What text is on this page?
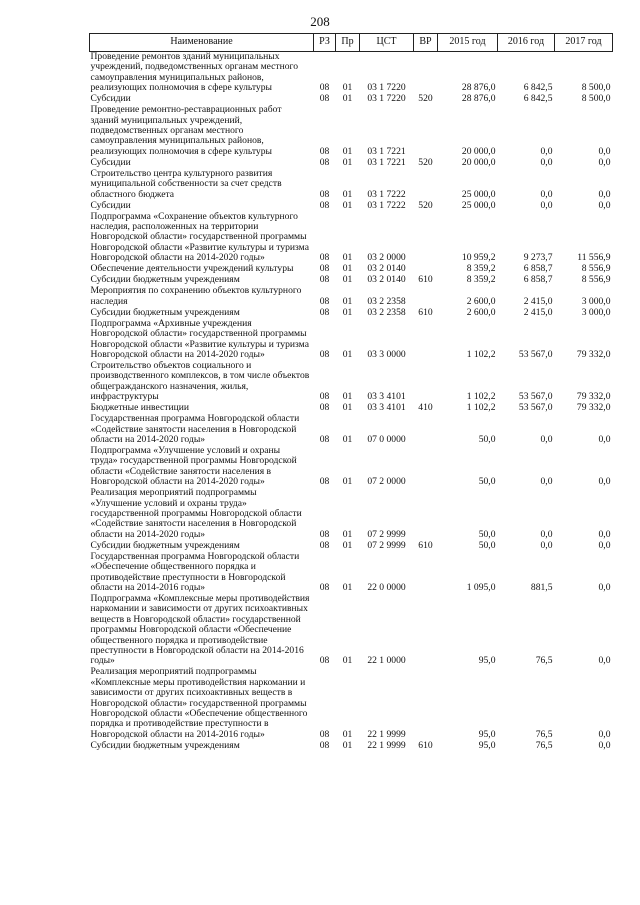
208
Наименование	РЗ	Пр	ЦСТ	ВР	2015 год	2016 год	2017 год
Проведение ремонтов зданий муниципальных учреждений, подведомственных органам местного самоуправления муниципальных районов, реализующих полномочия в сфере культуры	08	01	03 1 7220		28 876,0	6 842,5	8 500,0
Субсидии	08	01	03 1 7220	520	28 876,0	6 842,5	8 500,0
Проведение ремонтно-реставрационных работ зданий муниципальных учреждений, подведомственных органам местного самоуправления муниципальных районов, реализующих полномочия в сфере культуры	08	01	03 1 7221		20 000,0	0,0	0,0
Субсидии	08	01	03 1 7221	520	20 000,0	0,0	0,0
Строительство центра культурного развития муниципальной собственности за счет средств областного бюджета	08	01	03 1 7222		25 000,0	0,0	0,0
Субсидии	08	01	03 1 7222	520	25 000,0	0,0	0,0
Подпрограмма «Сохранение объектов культурного наследия, расположенных на территории Новгородской области» государственной программы Новгородской области «Развитие культуры и туризма Новгородской области на 2014-2020 годы»	08	01	03 2 0000		10 959,2	9 273,7	11 556,9
Обеспечение деятельности учреждений культуры	08	01	03 2 0140		8 359,2	6 858,7	8 556,9
Субсидии бюджетным учреждениям	08	01	03 2 0140	610	8 359,2	6 858,7	8 556,9
Мероприятия по сохранению объектов культурного наследия	08	01	03 2 2358		2 600,0	2 415,0	3 000,0
Субсидии бюджетным учреждениям	08	01	03 2 2358	610	2 600,0	2 415,0	3 000,0
Подпрограмма «Архивные учреждения Новгородской области» государственной программы Новгородской области «Развитие культуры и туризма Новгородской области на 2014-2020 годы»	08	01	03 3 0000		1 102,2	53 567,0	79 332,0
Строительство объектов социального и производственного комплексов, в том числе объектов общегражданского назначения, жилья, инфраструктуры	08	01	03 3 4101		1 102,2	53 567,0	79 332,0
Бюджетные инвестиции	08	01	03 3 4101	410	1 102,2	53 567,0	79 332,0
Государственная программа Новгородской области «Содействие занятости населения в Новгородской области на 2014-2020 годы»	08	01	07 0 0000		50,0	0,0	0,0
Подпрограмма «Улучшение условий и охраны труда» государственной программы Новгородской области «Содействие занятости населения в Новгородской области на 2014-2020 годы»	08	01	07 2 0000		50,0	0,0	0,0
Реализация мероприятий подпрограммы «Улучшение условий и охраны труда» государственной программы Новгородской области «Содействие занятости населения в Новгородской области на 2014-2020 годы»	08	01	07 2 9999		50,0	0,0	0,0
Субсидии бюджетным учреждениям	08	01	07 2 9999	610	50,0	0,0	0,0
Государственная программа Новгородской области «Обеспечение общественного порядка и противодействие преступности в Новгородской области на 2014-2016 годы»	08	01	22 0 0000		1 095,0	881,5	0,0
Подпрограмма «Комплексные меры противодействия наркомании и зависимости от других психоактивных веществ в Новгородской области» государственной программы Новгородской области «Обеспечение общественного порядка и противодействие преступности в Новгородской области на 2014-2016 годы»	08	01	22 1 0000		95,0	76,5	0,0
Реализация мероприятий подпрограммы «Комплексные меры противодействия наркомании и зависимости от других психоактивных веществ в Новгородской области» государственной программы Новгородской области «Обеспечение общественного порядка и противодействие преступности в Новгородской области на 2014-2016 годы»	08	01	22 1 9999		95,0	76,5	0,0
Субсидии бюджетным учреждениям	08	01	22 1 9999	610	95,0	76,5	0,0
